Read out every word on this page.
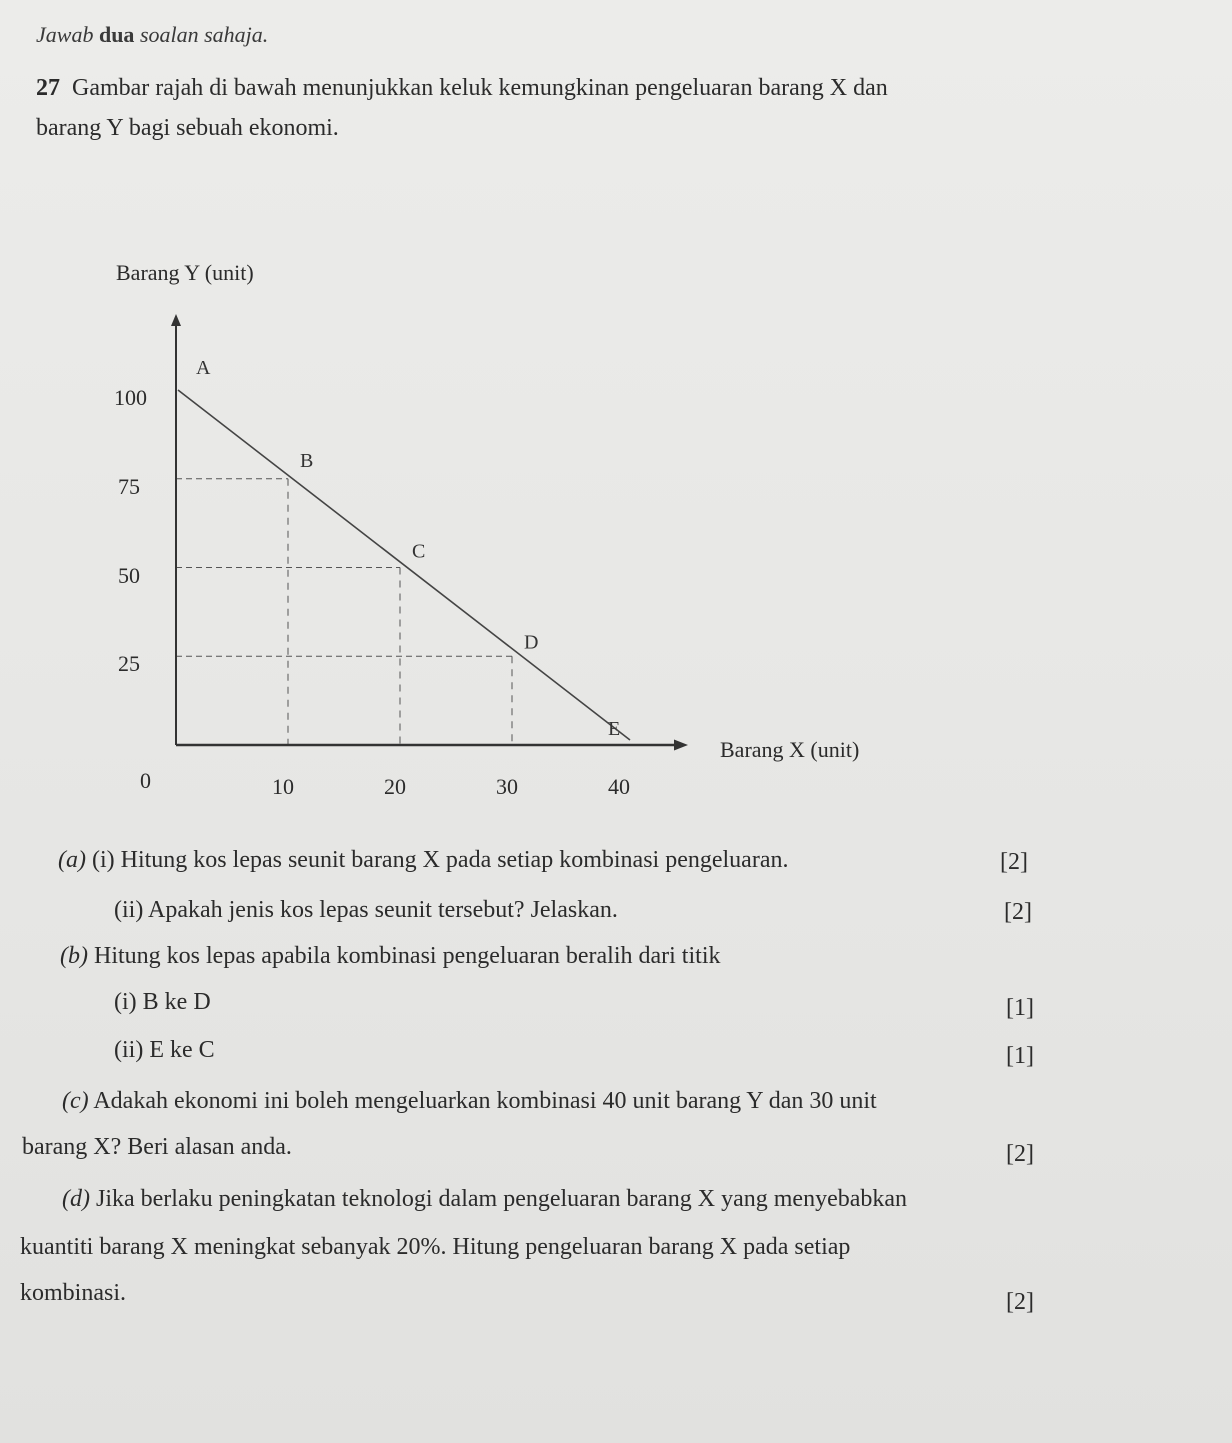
Jawab dua soalan sahaja.
27 Gambar rajah di bawah menunjukkan keluk kemungkinan pengeluaran barang X dan
barang Y bagi sebuah ekonomi.
A
B
C
D
E
Barang Y (unit)
Barang X (unit)
0
100
75
50
25
10	20	30	40
(a) (i) Hitung kos lepas seunit barang X pada setiap kombinasi pengeluaran.	[2]
(ii) Apakah jenis kos lepas seunit tersebut? Jelaskan.	[2]
(b) Hitung kos lepas apabila kombinasi pengeluaran beralih dari titik
(i) B ke D	[1]
(ii) E ke C	[1]
(c) Adakah ekonomi ini boleh mengeluarkan kombinasi 40 unit barang Y dan 30 unit
barang X? Beri alasan anda.	[2]
(d) Jika berlaku peningkatan teknologi dalam pengeluaran barang X yang menyebabkan
kuantiti barang X meningkat sebanyak 20%. Hitung pengeluaran barang X pada setiap
kombinasi.	[2]
